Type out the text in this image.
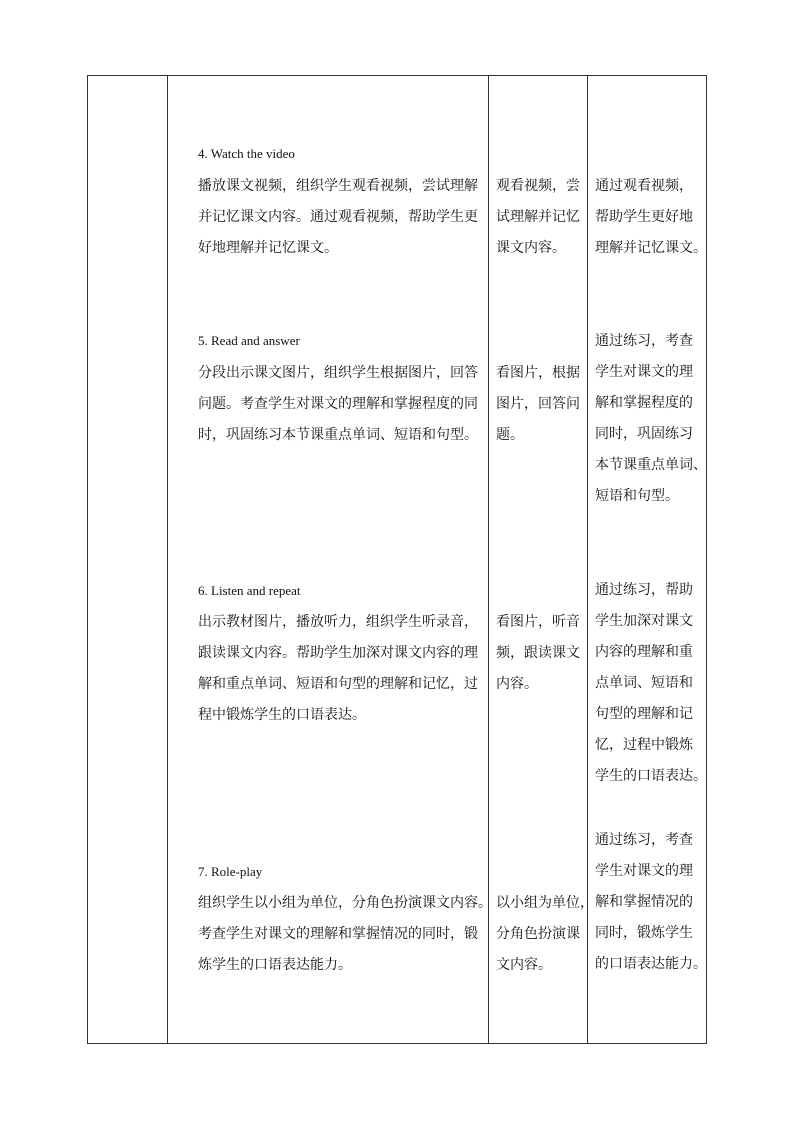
4. Watch the video
播放课文视频，组织学生观看视频，尝试理解
并记忆课文内容。通过观看视频，帮助学生更
好地理解并记忆课文。
观看视频，尝
试理解并记忆
课文内容。
通过观看视频，
帮助学生更好地
理解并记忆课文。
5. Read and answer
分段出示课文图片，组织学生根据图片，回答
问题。考查学生对课文的理解和掌握程度的同
时，巩固练习本节课重点单词、短语和句型。
看图片，根据
图片，回答问
题。
通过练习，考查
学生对课文的理
解和掌握程度的
同时，巩固练习
本节课重点单词、
短语和句型。
6. Listen and repeat
出示教材图片，播放听力，组织学生听录音，
跟读课文内容。帮助学生加深对课文内容的理
解和重点单词、短语和句型的理解和记忆，过
程中锻炼学生的口语表达。
看图片，听音
频，跟读课文
内容。
通过练习，帮助
学生加深对课文
内容的理解和重
点单词、短语和
句型的理解和记
忆，过程中锻炼
学生的口语表达。
7. Role-play
组织学生以小组为单位，分角色扮演课文内容。
考查学生对课文的理解和掌握情况的同时，锻
炼学生的口语表达能力。
以小组为单位，
分角色扮演课
文内容。
通过练习，考查
学生对课文的理
解和掌握情况的
同时，锻炼学生
的口语表达能力。
